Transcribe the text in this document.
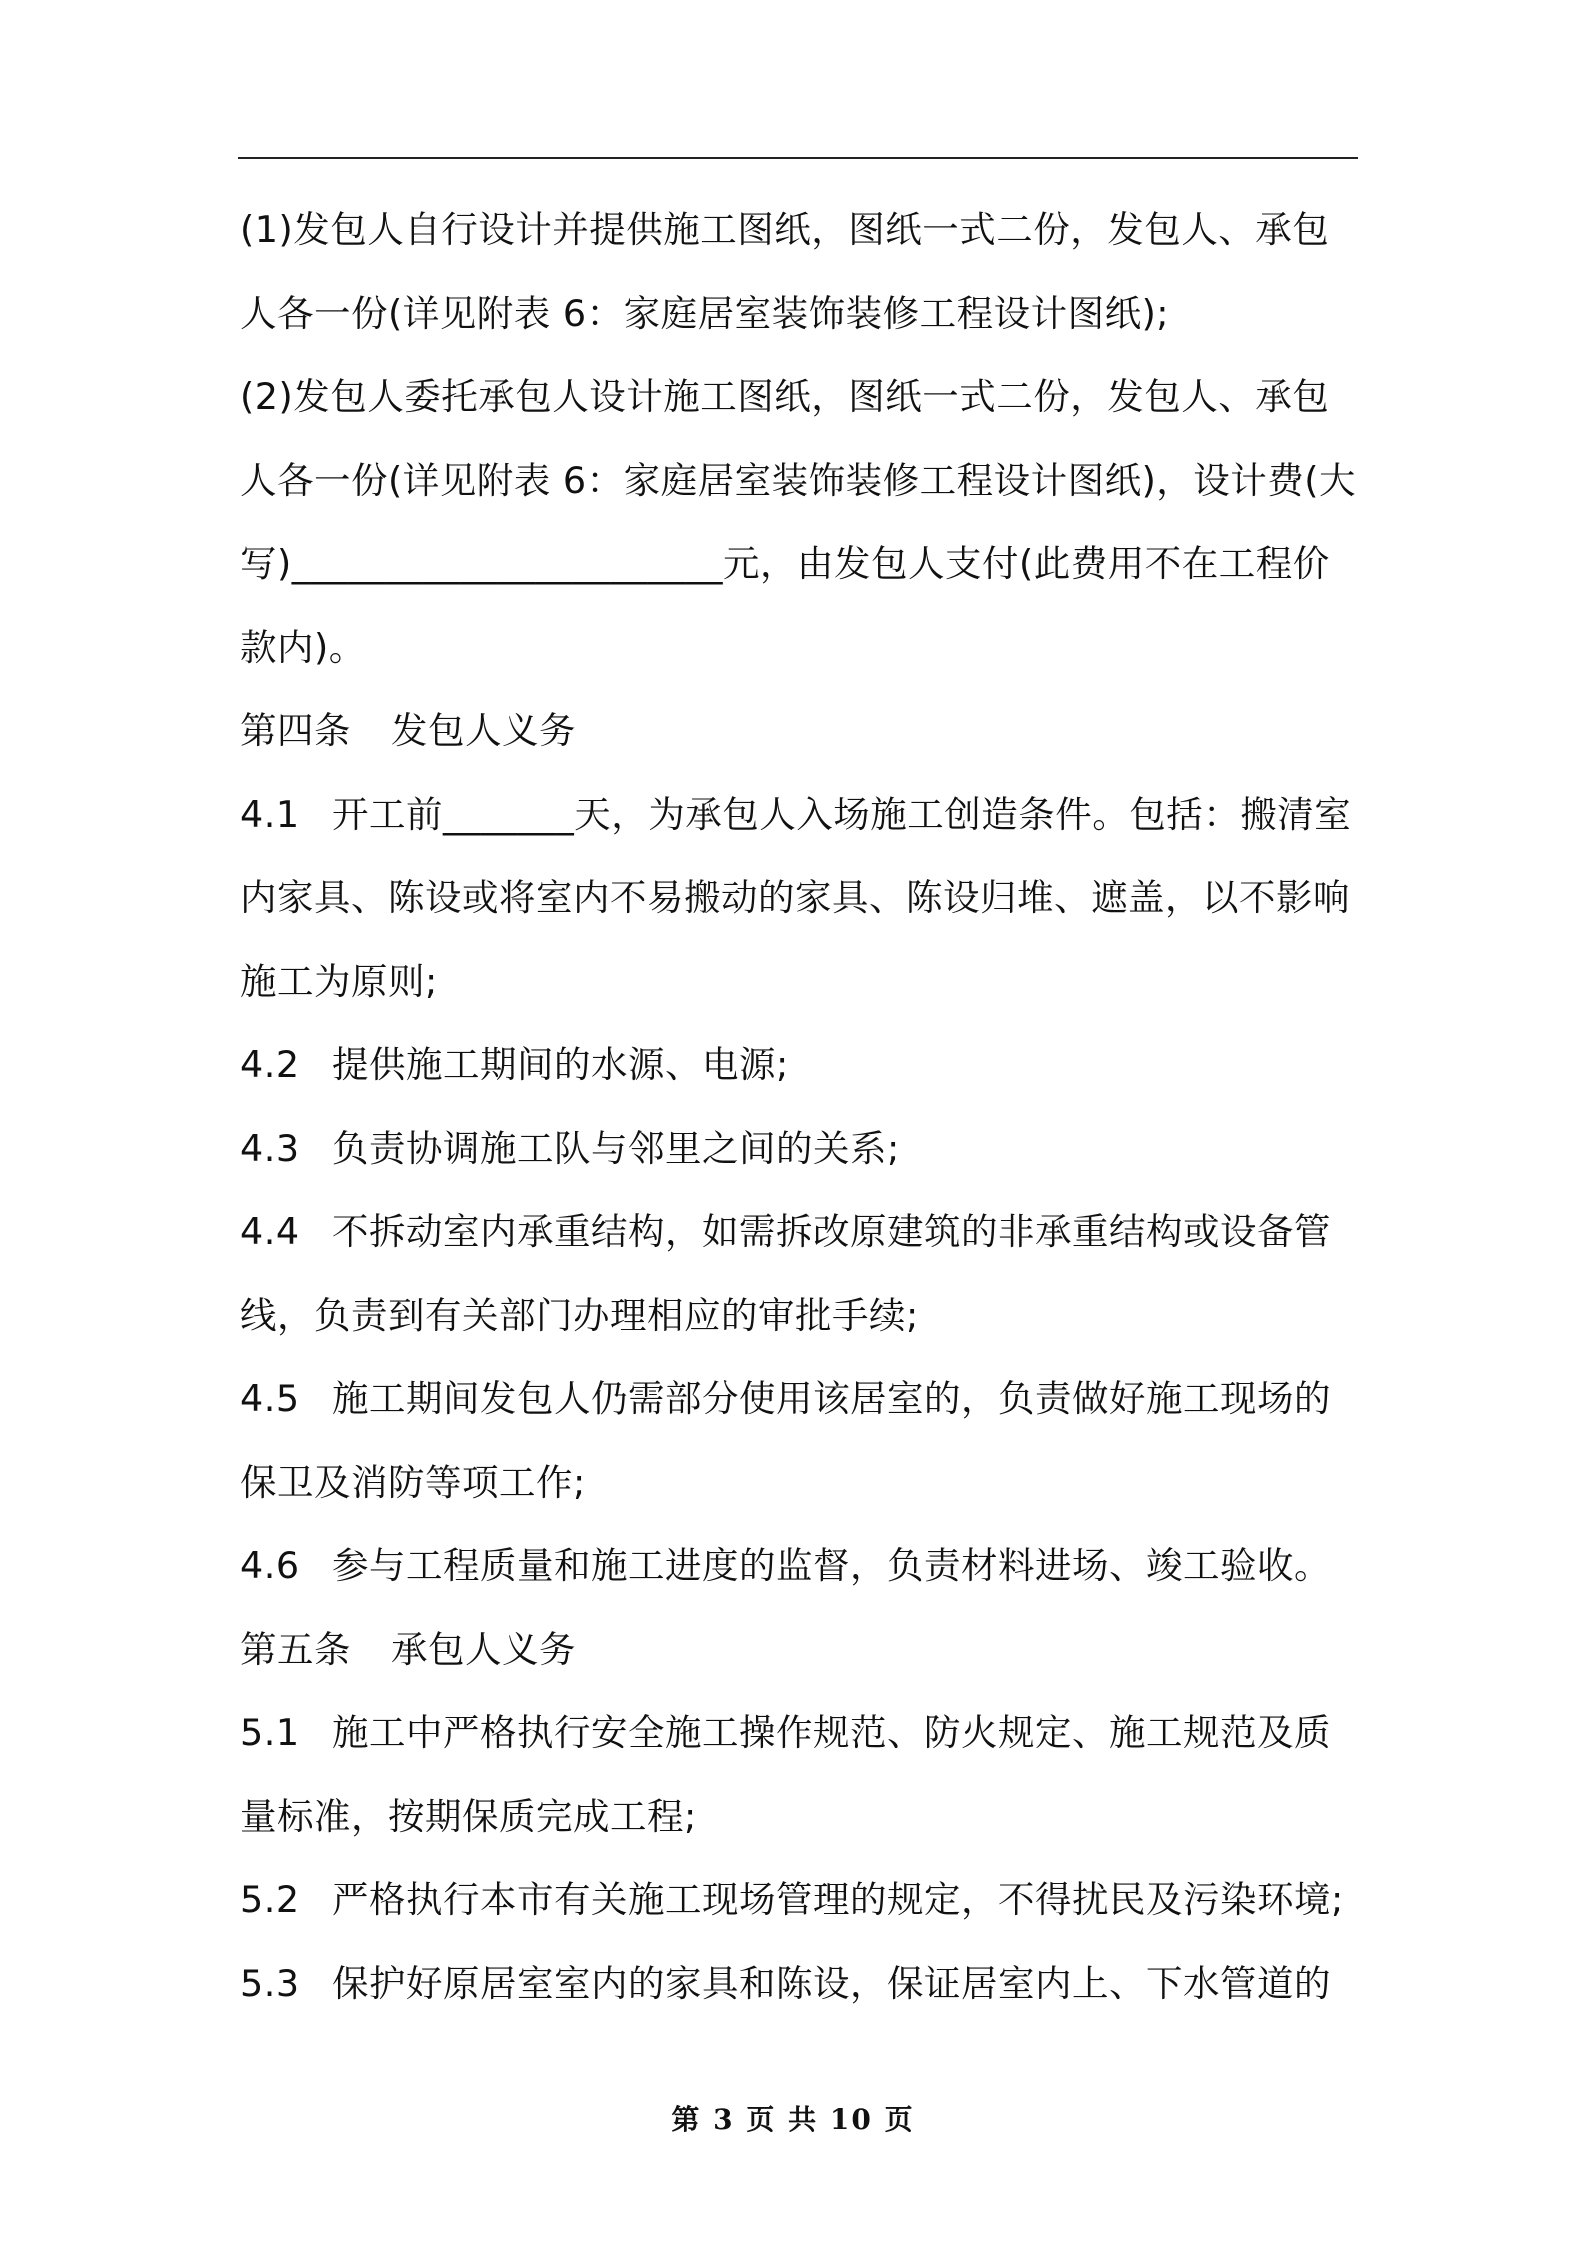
(1)发包人自行设计并提供施工图纸，图纸一式二份，发包人、承包人各一份(详见附表 6：家庭居室装饰装修工程设计图纸);

(2)发包人委托承包人设计施工图纸，图纸一式二份，发包人、承包人各一份(详见附表 6：家庭居室装饰装修工程设计图纸)，设计费(大写)_______________________元，由发包人支付(此费用不在工程价款内)。

第四条 发包人义务

4.1 开工前_______天，为承包人入场施工创造条件。包括：搬清室内家具、陈设或将室内不易搬动的家具、陈设归堆、遮盖，以不影响施工为原则;

4.2 提供施工期间的水源、电源;

4.3 负责协调施工队与邻里之间的关系;

4.4 不拆动室内承重结构，如需拆改原建筑的非承重结构或设备管线，负责到有关部门办理相应的审批手续;

4.5 施工期间发包人仍需部分使用该居室的，负责做好施工现场的保卫及消防等项工作;

4.6 参与工程质量和施工进度的监督，负责材料进场、竣工验收。

第五条 承包人义务

5.1 施工中严格执行安全施工操作规范、防火规定、施工规范及质量标准，按期保质完成工程;

5.2 严格执行本市有关施工现场管理的规定，不得扰民及污染环境;

5.3 保护好原居室室内的家具和陈设，保证居室内上、下水管道的

第 3 页 共 10 页
